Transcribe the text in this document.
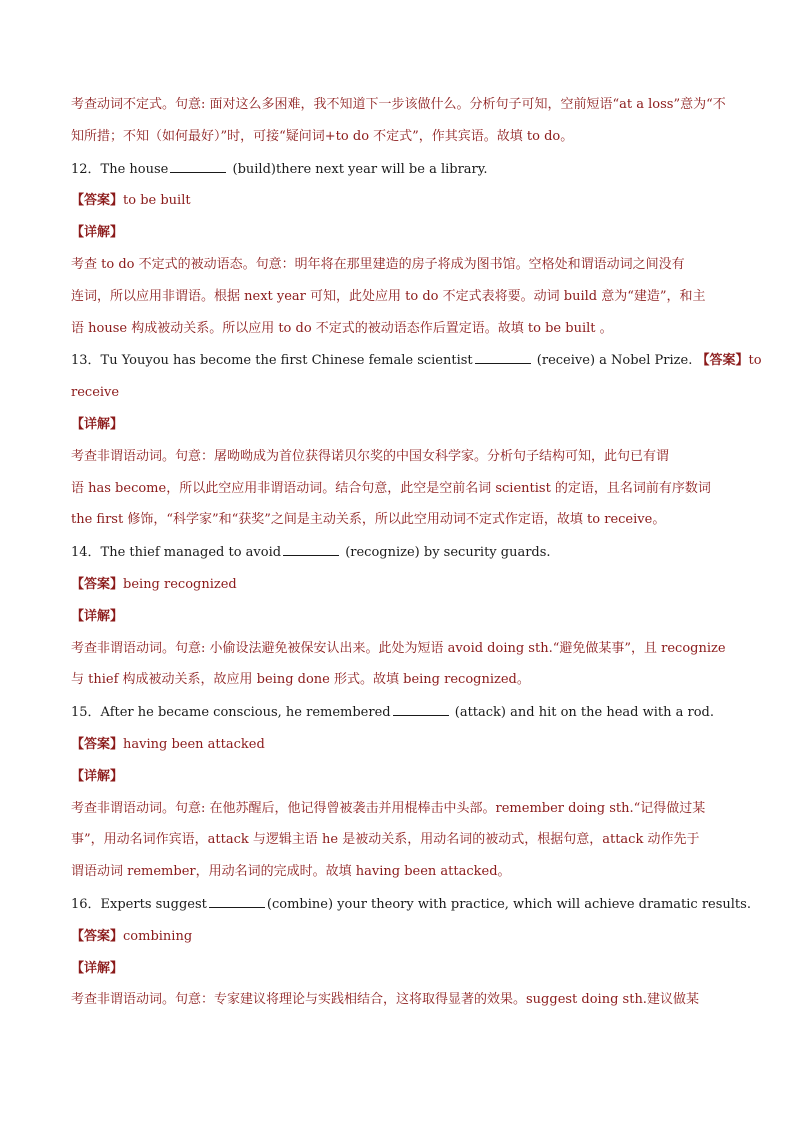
考查动词不定式。句意: 面对这么多困难，我不知道下一步该做什么。分析句子可知，空前短语“at a loss”意为“不

知所措；不知（如何最好）”时，可接“疑问词+to do 不定式”，作其宾语。故填 to do。

12．The house	(build)there next year will be a library.

【答案】to be built

【详解】

考查 to do 不定式的被动语态。句意：明年将在那里建造的房子将成为图书馆。空格处和谓语动词之间没有

连词，所以应用非谓语。根据 next year 可知，此处应用 to do 不定式表将要。动词 build 意为“建造”，和主

语 house 构成被动关系。所以应用 to do 不定式的被动语态作后置定语。故填 to be built 。

13．Tu Youyou has become the first Chinese female scientist	(receive) a Nobel Prize. 【答案】to

receive

【详解】

考查非谓语动词。句意：屠呦呦成为首位获得诺贝尔奖的中国女科学家。分析句子结构可知，此句已有谓

语 has become，所以此空应用非谓语动词。结合句意，此空是空前名词 scientist 的定语，且名词前有序数词

the first 修饰，“科学家”和“获奖”之间是主动关系，所以此空用动词不定式作定语，故填 to receive。

14．The thief managed to avoid	(recognize) by security guards.

【答案】being recognized

【详解】

考查非谓语动词。句意: 小偷设法避免被保安认出来。此处为短语 avoid doing sth.“避免做某事”，且 recognize

与 thief 构成被动关系，故应用 being done 形式。故填 being recognized。

15．After he became conscious, he remembered	(attack) and hit on the head with a rod.

【答案】having been attacked

【详解】

考查非谓语动词。句意: 在他苏醒后，他记得曾被袭击并用棍棒击中头部。remember doing sth.“记得做过某

事”，用动名词作宾语，attack 与逻辑主语 he 是被动关系，用动名词的被动式，根据句意，attack 动作先于

谓语动词 remember，用动名词的完成时。故填 having been attacked。

16．Experts suggest	(combine) your theory with practice, which will achieve dramatic results.

【答案】combining

【详解】

考查非谓语动词。句意：专家建议将理论与实践相结合，这将取得显著的效果。suggest doing sth.建议做某
